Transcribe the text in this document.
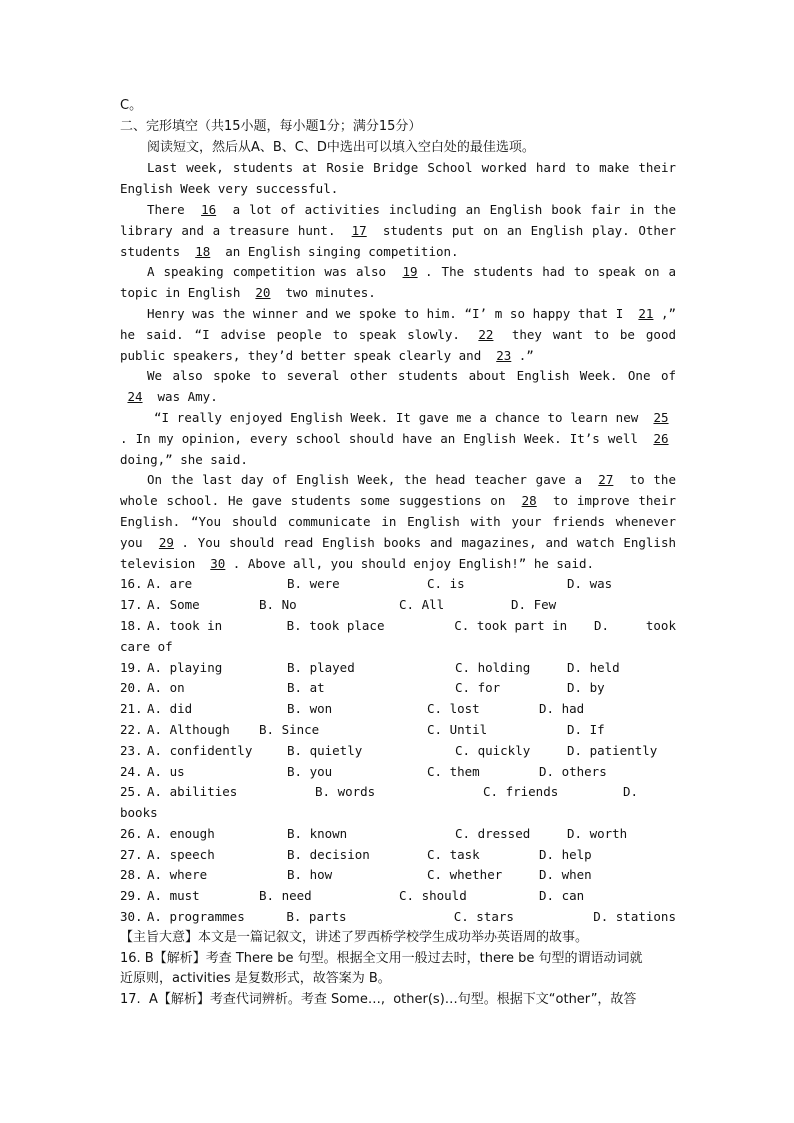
C。
二、完形填空（共15小题，每小题1分；满分15分）
阅读短文，然后从A、B、C、D中选出可以填入空白处的最佳选项。
Last week, students at Rosie Bridge School worked hard to make their English Week very successful.
There 16 a lot of activities including an English book fair in the library and a treasure hunt. 17 students put on an English play. Other students 18 an English singing competition.
A speaking competition was also 19 . The students had to speak on a topic in English 20 two minutes.
Henry was the winner and we spoke to him. “I’ m so happy that I 21 ,” he said. “I advise people to speak slowly. 22 they want to be good public speakers, they’d better speak clearly and 23 .”
We also spoke to several other students about English Week. One of 24 was Amy.
“I really enjoyed English Week. It gave me a chance to learn new 25. In my opinion, every school should have an English Week. It’s well 26 doing,” she said.
On the last day of English Week, the head teacher gave a 27 to the whole school. He gave students some suggestions on 28 to improve their English. “You should communicate in English with your friends whenever you 29 . You should read English books and magazines, and watch English television 30 . Above all, you should enjoy English!” he said.
16. A. are	B. were	C. is	D. was
17. A. Some	B. No	C. All	D. Few
18. A. took in	B. took place	C. took part in	D.	took
care of
19. A. playing	B. played	C. holding	D. held
20. A. on	B. at	C. for	D. by
21. A. did	B. won	C. lost	D. had
22. A. Although	B. Since	C. Until	D. If
23. A. confidently	B. quietly	C. quickly	D. patiently
24. A. us	B. you	C. them	D. others
25. A. abilities	B. words	C. friends	D.
books
26. A. enough	B. known	C. dressed	D. worth
27. A. speech	B. decision	C. task	D. help
28. A. where	B. how	C. whether	D. when
29. A. must	B. need	C. should	D. can
30. A. programmes	B. parts	C. stars	D. stations
【主旨大意】本文是一篇记叙文，讲述了罗西桥学校学生成功举办英语周的故事。
16. B【解析】考查 There be 句型。根据全文用一般过去时，there be 句型的谓语动词就
近原则，activities 是复数形式，故答案为 B。
17.  A【解析】考查代词辨析。考查 Some…,  other(s)…句型。根据下文“other”，故答
